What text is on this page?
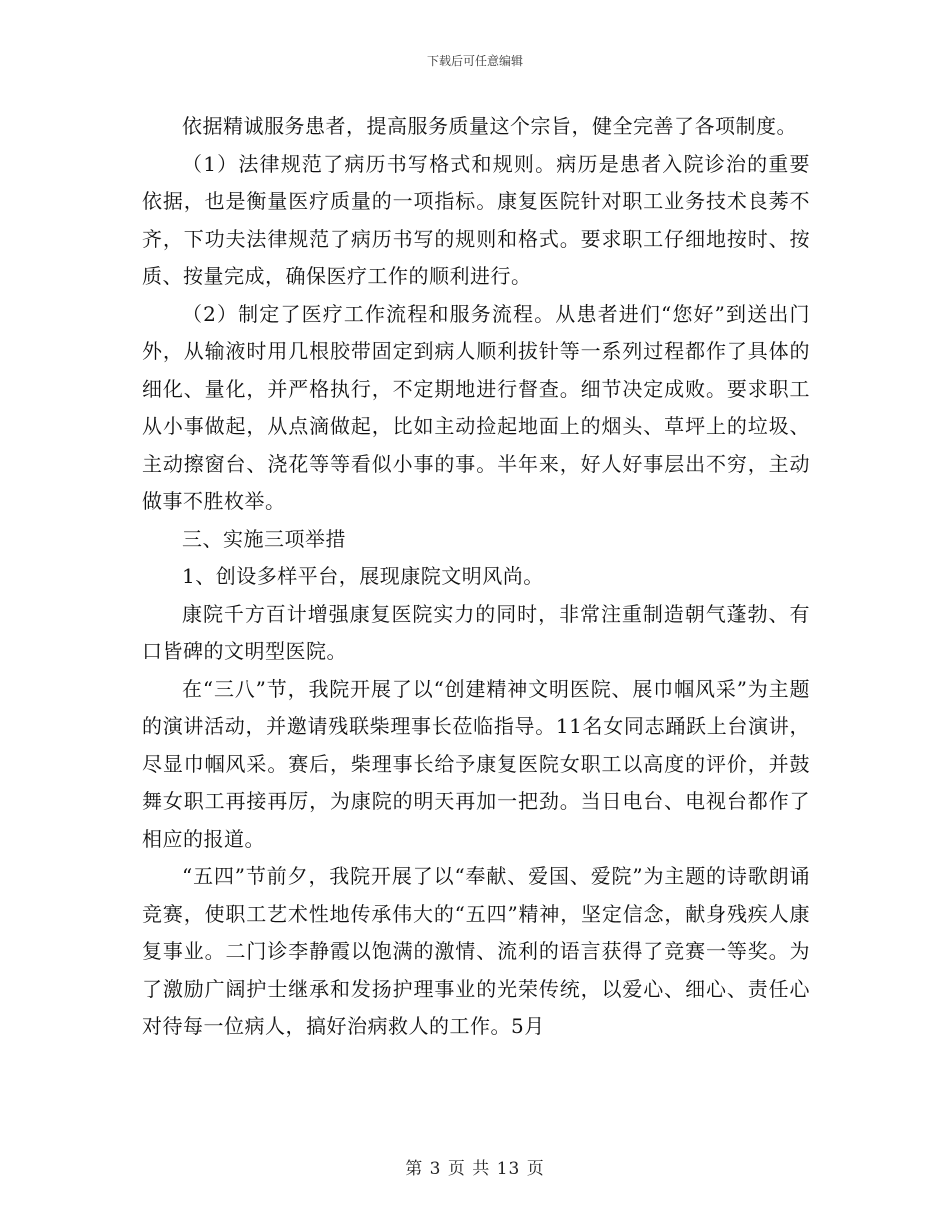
下载后可任意编辑

依据精诚服务患者，提高服务质量这个宗旨，健全完善了各项制度。

（1）法律规范了病历书写格式和规则。病历是患者入院诊治的重要依据，也是衡量医疗质量的一项指标。康复医院针对职工业务技术良莠不齐，下功夫法律规范了病历书写的规则和格式。要求职工仔细地按时、按质、按量完成，确保医疗工作的顺利进行。

（2）制定了医疗工作流程和服务流程。从患者进们“您好”到送出门外，从输液时用几根胶带固定到病人顺利拔针等一系列过程都作了具体的细化、量化，并严格执行，不定期地进行督查。细节决定成败。要求职工从小事做起，从点滴做起，比如主动捡起地面上的烟头、草坪上的垃圾、主动擦窗台、浇花等等看似小事的事。半年来，好人好事层出不穷，主动做事不胜枚举。

三、实施三项举措

1、创设多样平台，展现康院文明风尚。

康院千方百计增强康复医院实力的同时，非常注重制造朝气蓬勃、有口皆碑的文明型医院。

在“三八”节，我院开展了以“创建精神文明医院、展巾帼风采”为主题的演讲活动，并邀请残联柴理事长莅临指导。11名女同志踊跃上台演讲，尽显巾帼风采。赛后，柴理事长给予康复医院女职工以高度的评价，并鼓舞女职工再接再厉，为康院的明天再加一把劲。当日电台、电视台都作了相应的报道。

“五四”节前夕，我院开展了以“奉献、爱国、爱院”为主题的诗歌朗诵竞赛，使职工艺术性地传承伟大的“五四”精神，坚定信念，献身残疾人康复事业。二门诊李静霞以饱满的激情、流利的语言获得了竞赛一等奖。为了激励广阔护士继承和发扬护理事业的光荣传统，以爱心、细心、责任心对待每一位病人，搞好治病救人的工作。5月

第 3 页 共 13 页
